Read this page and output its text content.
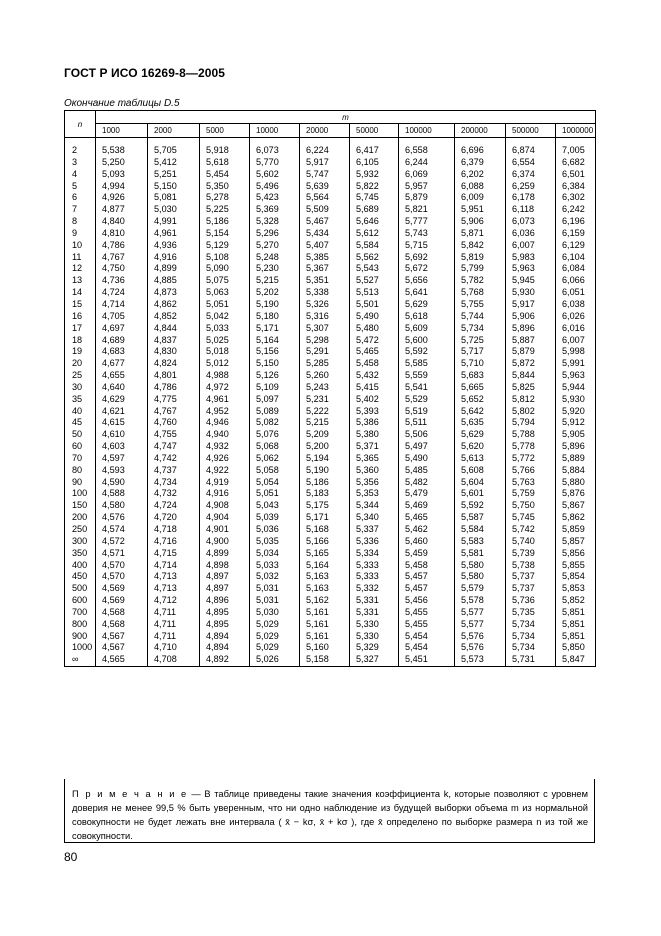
ГОСТ Р ИСО 16269-8—2005
Окончание таблицы D.5
n	m									
	1000	2000	5000	10000	20000	50000	100000	200000	500000	1000000

2	5,538	5,705	5,918	6,073	6,224	6,417	6,558	6,696	6,874	7,005
3	5,250	5,412	5,618	5,770	5,917	6,105	6,244	6,379	6,554	6,682
4	5,093	5,251	5,454	5,602	5,747	5,932	6,069	6,202	6,374	6,501
5	4,994	5,150	5,350	5,496	5,639	5,822	5,957	6,088	6,259	6,384
6	4,926	5,081	5,278	5,423	5,564	5,745	5,879	6,009	6,178	6,302
7	4,877	5,030	5,225	5,369	5,509	5,689	5,821	5,951	6,118	6,242
8	4,840	4,991	5,186	5,328	5,467	5,646	5,777	5,906	6,073	6,196
9	4,810	4,961	5,154	5,296	5,434	5,612	5,743	5,871	6,036	6,159
10	4,786	4,936	5,129	5,270	5,407	5,584	5,715	5,842	6,007	6,129
11	4,767	4,916	5,108	5,248	5,385	5,562	5,692	5,819	5,983	6,104
12	4,750	4,899	5,090	5,230	5,367	5,543	5,672	5,799	5,963	6,084
13	4,736	4,885	5,075	5,215	5,351	5,527	5,656	5,782	5,945	6,066
14	4,724	4,873	5,063	5,202	5,338	5,513	5,641	5,768	5,930	6,051
15	4,714	4,862	5,051	5,190	5,326	5,501	5,629	5,755	5,917	6,038
16	4,705	4,852	5,042	5,180	5,316	5,490	5,618	5,744	5,906	6,026
17	4,697	4,844	5,033	5,171	5,307	5,480	5,609	5,734	5,896	6,016
18	4,689	4,837	5,025	5,164	5,298	5,472	5,600	5,725	5,887	6,007
19	4,683	4,830	5,018	5,156	5,291	5,465	5,592	5,717	5,879	5,998
20	4,677	4,824	5,012	5,150	5,285	5,458	5,585	5,710	5,872	5,991
25	4,655	4,801	4,988	5,126	5,260	5,432	5,559	5,683	5,844	5,963
30	4,640	4,786	4,972	5,109	5,243	5,415	5,541	5,665	5,825	5,944
35	4,629	4,775	4,961	5,097	5,231	5,402	5,529	5,652	5,812	5,930
40	4,621	4,767	4,952	5,089	5,222	5,393	5,519	5,642	5,802	5,920
45	4,615	4,760	4,946	5,082	5,215	5,386	5,511	5,635	5,794	5,912
50	4,610	4,755	4,940	5,076	5,209	5,380	5,506	5,629	5,788	5,905
60	4,603	4,747	4,932	5,068	5,200	5,371	5,497	5,620	5,778	5,896
70	4,597	4,742	4,926	5,062	5,194	5,365	5,490	5,613	5,772	5,889
80	4,593	4,737	4,922	5,058	5,190	5,360	5,485	5,608	5,766	5,884
90	4,590	4,734	4,919	5,054	5,186	5,356	5,482	5,604	5,763	5,880
100	4,588	4,732	4,916	5,051	5,183	5,353	5,479	5,601	5,759	5,876
150	4,580	4,724	4,908	5,043	5,175	5,344	5,469	5,592	5,750	5,867
200	4,576	4,720	4,904	5,039	5,171	5,340	5,465	5,587	5,745	5,862
250	4,574	4,718	4,901	5,036	5,168	5,337	5,462	5,584	5,742	5,859
300	4,572	4,716	4,900	5,035	5,166	5,336	5,460	5,583	5,740	5,857
350	4,571	4,715	4,899	5,034	5,165	5,334	5,459	5,581	5,739	5,856
400	4,570	4,714	4,898	5,033	5,164	5,333	5,458	5,580	5,738	5,855
450	4,570	4,713	4,897	5,032	5,163	5,333	5,457	5,580	5,737	5,854
500	4,569	4,713	4,897	5,031	5,163	5,332	5,457	5,579	5,737	5,853
600	4,569	4,712	4,896	5,031	5,162	5,331	5,456	5,578	5,736	5,852
700	4,568	4,711	4,895	5,030	5,161	5,331	5,455	5,577	5,735	5,851
800	4,568	4,711	4,895	5,029	5,161	5,330	5,455	5,577	5,734	5,851
900	4,567	4,711	4,894	5,029	5,161	5,330	5,454	5,576	5,734	5,851
1000	4,567	4,710	4,894	5,029	5,160	5,329	5,454	5,576	5,734	5,850
∞	4,565	4,708	4,892	5,026	5,158	5,327	5,451	5,573	5,731	5,847
П р и м е ч а н и е — В таблице приведены такие значения коэффициента k, которые позволяют с уровнем доверия не менее 99,5 % быть уверенным, что ни одно наблюдение из будущей выборки объема m из нормальной совокупности не будет лежать вне интервала ( x̄ − kσ, x̄ + kσ ), где x̄ определено по выборке размера n из той же совокупности.
80
